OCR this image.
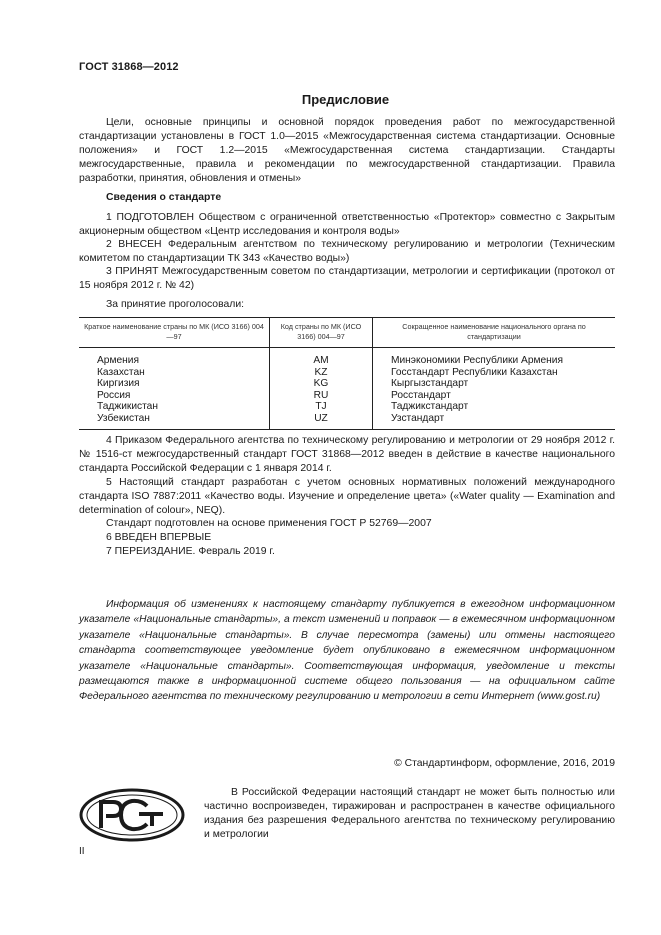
ГОСТ 31868—2012
Предисловие
Цели, основные принципы и основной порядок проведения работ по межгосударственной стандартизации установлены в ГОСТ 1.0—2015 «Межгосударственная система стандартизации. Основные положения» и ГОСТ 1.2—2015 «Межгосударственная система стандартизации. Стандарты межгосударственные, правила и рекомендации по межгосударственной стандартизации. Правила разработки, принятия, обновления и отмены»
Сведения о стандарте
1 ПОДГОТОВЛЕН Обществом с ограниченной ответственностью «Протектор» совместно с Закрытым акционерным обществом «Центр исследования и контроля воды»
2 ВНЕСЕН Федеральным агентством по техническому регулированию и метрологии (Техническим комитетом по стандартизации ТК 343 «Качество воды»)
3 ПРИНЯТ Межгосударственным советом по стандартизации, метрологии и сертификации (протокол от 15 ноября 2012 г. № 42)
За принятие проголосовали:
Краткое наименование страны по МК (ИСО 3166) 004—97	Код страны по МК (ИСО 3166) 004—97	Сокращенное наименование национального органа по стандартизации
Армения	AM	Минэкономики Республики Армения
Казахстан	KZ	Госстандарт Республики Казахстан
Киргизия	KG	Кыргызстандарт
Россия	RU	Росстандарт
Таджикистан	TJ	Таджикстандарт
Узбекистан	UZ	Узстандарт
4 Приказом Федерального агентства по техническому регулированию и метрологии от 29 ноября 2012 г. № 1516-ст межгосударственный стандарт ГОСТ 31868—2012 введен в действие в качестве национального стандарта Российской Федерации с 1 января 2014 г.
5 Настоящий стандарт разработан с учетом основных нормативных положений международного стандарта ISO 7887:2011 «Качество воды. Изучение и определение цвета» («Water quality — Examination and determination of colour», NEQ).
Стандарт подготовлен на основе применения ГОСТ Р 52769—2007
6 ВВЕДЕН ВПЕРВЫЕ
7 ПЕРЕИЗДАНИЕ. Февраль 2019 г.
Информация об изменениях к настоящему стандарту публикуется в ежегодном информационном указателе «Национальные стандарты», а текст изменений и поправок — в ежемесячном информационном указателе «Национальные стандарты». В случае пересмотра (замены) или отмены настоящего стандарта соответствующее уведомление будет опубликовано в ежемесячном информационном указателе «Национальные стандарты». Соответствующая информация, уведомление и тексты размещаются также в информационной системе общего пользования — на официальном сайте Федерального агентства по техническому регулированию и метрологии в сети Интернет (www.gost.ru)
© Стандартинформ, оформление, 2016, 2019
В Российской Федерации настоящий стандарт не может быть полностью или частично воспроизведен, тиражирован и распространен в качестве официального издания без разрешения Федерального агентства по техническому регулированию и метрологии
II
